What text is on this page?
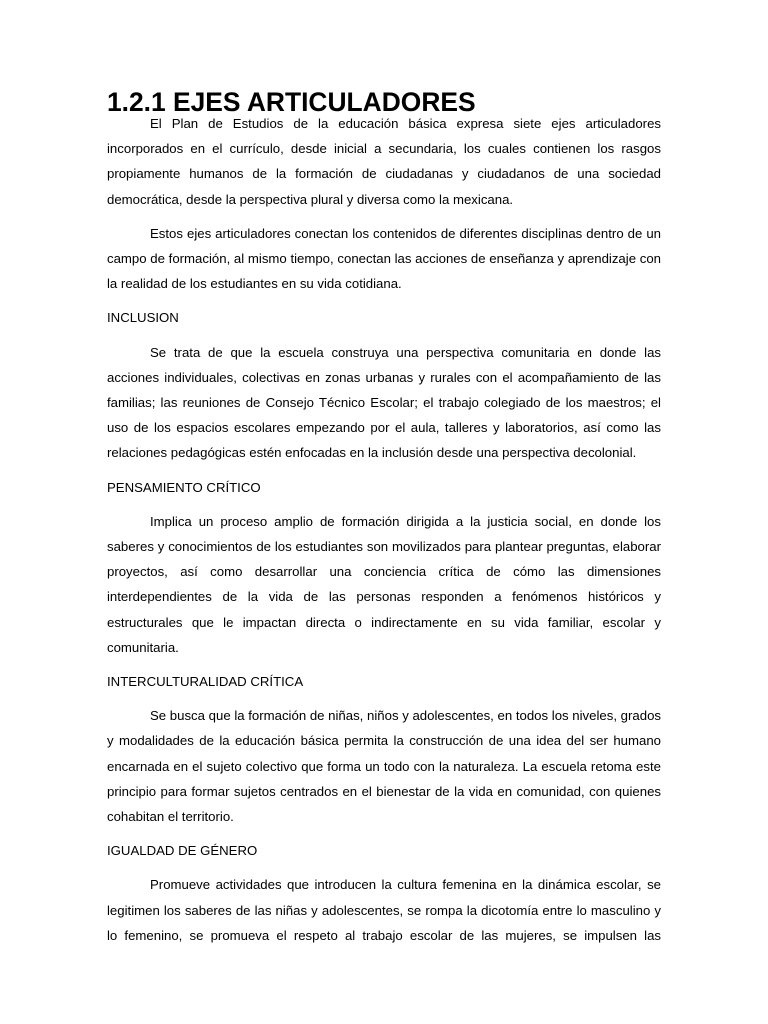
1.2.1 EJES ARTICULADORES

El Plan de Estudios de la educación básica expresa siete ejes articuladores incorporados en el currículo, desde inicial a secundaria, los cuales contienen los rasgos propiamente humanos de la formación de ciudadanas y ciudadanos de una sociedad democrática, desde la perspectiva plural y diversa como la mexicana.

Estos ejes articuladores conectan los contenidos de diferentes disciplinas dentro de un campo de formación, al mismo tiempo, conectan las acciones de enseñanza y aprendizaje con la realidad de los estudiantes en su vida cotidiana.

INCLUSION

Se trata de que la escuela construya una perspectiva comunitaria en donde las acciones individuales, colectivas en zonas urbanas y rurales con el acompañamiento de las familias; las reuniones de Consejo Técnico Escolar; el trabajo colegiado de los maestros; el uso de los espacios escolares empezando por el aula, talleres y laboratorios, así como las relaciones pedagógicas estén enfocadas en la inclusión desde una perspectiva decolonial.

PENSAMIENTO CRÍTICO

Implica un proceso amplio de formación dirigida a la justicia social, en donde los saberes y conocimientos de los estudiantes son movilizados para plantear preguntas, elaborar proyectos, así como desarrollar una conciencia crítica de cómo las dimensiones interdependientes de la vida de las personas responden a fenómenos históricos y estructurales que le impactan directa o indirectamente en su vida familiar, escolar y comunitaria.

INTERCULTURALIDAD CRÍTICA

Se busca que la formación de niñas, niños y adolescentes, en todos los niveles, grados y modalidades de la educación básica permita la construcción de una idea del ser humano encarnada en el sujeto colectivo que forma un todo con la naturaleza. La escuela retoma este principio para formar sujetos centrados en el bienestar de la vida en comunidad, con quienes cohabitan el territorio.

IGUALDAD DE GÉNERO

Promueve actividades que introducen la cultura femenina en la dinámica escolar, se legitimen los saberes de las niñas y adolescentes, se rompa la dicotomía entre lo masculino y lo femenino, se promueva el respeto al trabajo escolar de las mujeres, se impulsen las
